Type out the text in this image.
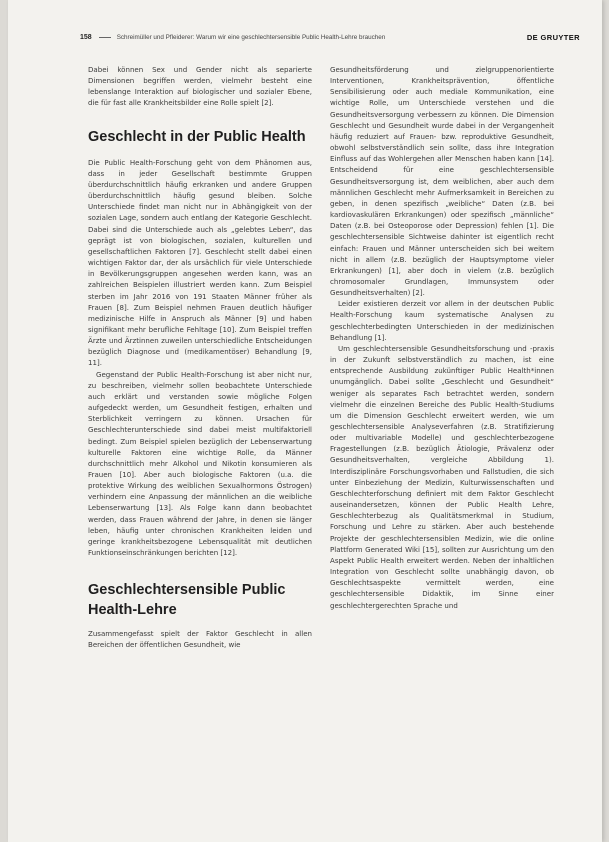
158	Schreimüller und Pfleiderer: Warum wir eine geschlechtersensible Public Health-Lehre brauchen	DE GRUYTER

Dabei können Sex und Gender nicht als separierte Dimensionen begriffen werden, vielmehr besteht eine lebenslange Interaktion auf biologischer und sozialer Ebene, die für fast alle Krankheitsbilder eine Rolle spielt [2].

Geschlecht in der Public Health

Die Public Health-Forschung geht von dem Phänomen aus, dass in jeder Gesellschaft bestimmte Gruppen überdurchschnittlich häufig erkranken und andere Gruppen überdurchschnittlich häufig gesund bleiben. Solche Unterschiede findet man nicht nur in Abhängigkeit von der sozialen Lage, sondern auch entlang der Kategorie Geschlecht. Dabei sind die Unterschiede auch als „gelebtes Leben“, das geprägt ist von biologischen, sozialen, kulturellen und gesellschaftlichen Faktoren [7]. Geschlecht stellt dabei einen wichtigen Faktor dar, der als ursächlich für viele Unterschiede in Bevölkerungsgruppen angesehen werden kann, was an zahlreichen Beispielen illustriert werden kann. Zum Beispiel sterben im Jahr 2016 von 191 Staaten Männer früher als Frauen [8]. Zum Beispiel nehmen Frauen deutlich häufiger medizinische Hilfe in Anspruch als Männer [9] und haben signifikant mehr berufliche Fehltage [10]. Zum Beispiel treffen Ärzte und Ärztinnen zuweilen unterschiedliche Entscheidungen bezüglich Diagnose und (medikamentöser) Behandlung [9, 11].

Gegenstand der Public Health-Forschung ist aber nicht nur, zu beschreiben, vielmehr sollen beobachtete Unterschiede auch erklärt und verstanden sowie mögliche Folgen aufgedeckt werden, um Gesundheit festigen, erhalten und Sterblichkeit verringern zu können. Ursachen für Geschlechterunterschiede sind dabei meist multifaktoriell bedingt. Zum Beispiel spielen bezüglich der Lebenserwartung kulturelle Faktoren eine wichtige Rolle, da Männer durchschnittlich mehr Alkohol und Nikotin konsumieren als Frauen [10]. Aber auch biologische Faktoren (u.a. die protektive Wirkung des weiblichen Sexualhormons Östrogen) verhindern eine Anpassung der männlichen an die weibliche Lebenserwartung [13]. Als Folge kann dann beobachtet werden, dass Frauen während der Jahre, in denen sie länger leben, häufig unter chronischen Krankheiten leiden und geringe krankheitsbezogene Lebensqualität mit deutlichen Funktionseinschränkungen berichten [12].

Geschlechtersensible Public Health-Lehre

Zusammengefasst spielt der Faktor Geschlecht in allen Bereichen der öffentlichen Gesundheit, wie

Gesundheitsförderung und zielgruppenorientierte Interventionen, Krankheitsprävention, öffentliche Sensibilisierung oder auch mediale Kommunikation, eine wichtige Rolle, um Unterschiede verstehen und die Gesundheitsversorgung verbessern zu können. Die Dimension Geschlecht und Gesundheit wurde dabei in der Vergangenheit häufig reduziert auf Frauen- bzw. reproduktive Gesundheit, obwohl selbstverständlich sein sollte, dass ihre Integration Einfluss auf das Wohlergehen aller Menschen haben kann [14]. Entscheidend für eine geschlechtersensible Gesundheitsversorgung ist, dem weiblichen, aber auch dem männlichen Geschlecht mehr Aufmerksamkeit in Bereichen zu geben, in denen spezifisch „weibliche“ Daten (z.B. bei kardiovaskulären Erkrankungen) oder spezifisch „männliche“ Daten (z.B. bei Osteoporose oder Depression) fehlen [1]. Die geschlechtersensible Sichtweise dahinter ist eigentlich recht einfach: Frauen und Männer unterscheiden sich bei weitem nicht in allem (z.B. bezüglich der Hauptsymptome vieler Erkrankungen) [1], aber doch in vielem (z.B. bezüglich chromosomaler Grundlagen, Immunsystem oder Gesundheitsverhalten) [2].

Leider existieren derzeit vor allem in der deutschen Public Health-Forschung kaum systematische Analysen zu geschlechterbedingten Unterschieden in der medizinischen Behandlung [1].

Um geschlechtersensible Gesundheitsforschung und -praxis in der Zukunft selbstverständlich zu machen, ist eine entsprechende Ausbildung zukünftiger Public Health*innen unumgänglich. Dabei sollte „Geschlecht und Gesundheit“ weniger als separates Fach betrachtet werden, sondern vielmehr die einzelnen Bereiche des Public Health-Studiums um die Dimension Geschlecht erweitert werden, wie um geschlechtersensible Analyseverfahren (z.B. Stratifizierung oder multivariable Modelle) und geschlechterbezogene Fragestellungen (z.B. bezüglich Ätiologie, Prävalenz oder Gesundheitsverhalten, vergleiche Abbildung 1). Interdisziplinäre Forschungsvorhaben und Fallstudien, die sich unter Einbeziehung der Medizin, Kulturwissenschaften und Geschlechterforschung definiert mit dem Faktor Geschlecht auseinandersetzen, können der Public Health Lehre, Geschlechterbezug als Qualitätsmerkmal in Studium, Forschung und Lehre zu stärken. Aber auch bestehende Projekte der geschlechtersensiblen Medizin, wie die online Plattform Generated Wiki [15], sollten zur Ausrichtung um den Aspekt Public Health erweitert werden. Neben der inhaltlichen Integration von Geschlecht sollte unabhängig davon, ob Geschlechtsaspekte vermittelt werden, eine geschlechtersensible Didaktik, im Sinne einer geschlechtergerechten Sprache und
